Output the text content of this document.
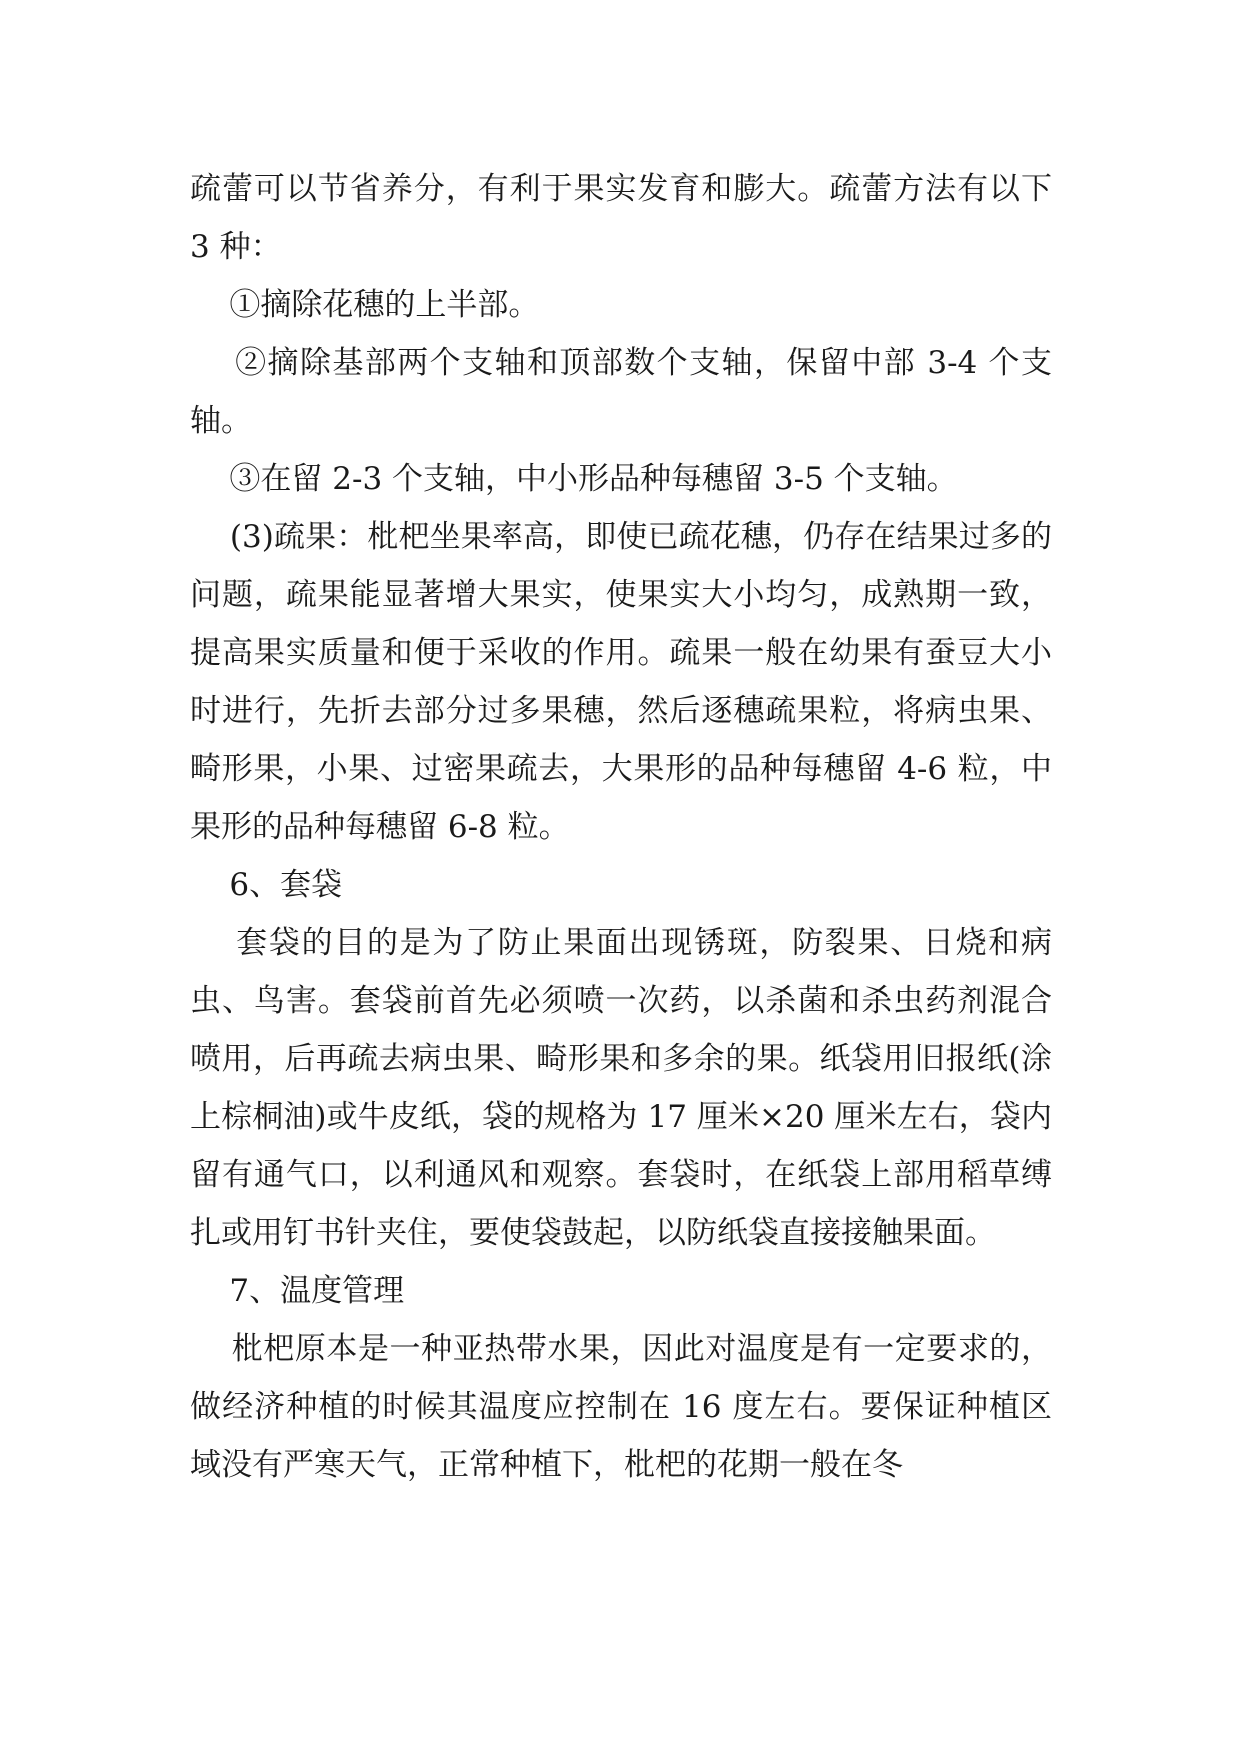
疏蕾可以节省养分，有利于果实发育和膨大。疏蕾方法有以下 3 种：

①摘除花穗的上半部。

②摘除基部两个支轴和顶部数个支轴，保留中部 3-4 个支轴。

③在留 2-3 个支轴，中小形品种每穗留 3-5 个支轴。

(3)疏果：枇杷坐果率高，即使已疏花穗，仍存在结果过多的问题，疏果能显著增大果实，使果实大小均匀，成熟期一致，提高果实质量和便于采收的作用。疏果一般在幼果有蚕豆大小时进行，先折去部分过多果穗，然后逐穗疏果粒，将病虫果、畸形果，小果、过密果疏去，大果形的品种每穗留 4-6 粒，中果形的品种每穗留 6-8 粒。

6、套袋

套袋的目的是为了防止果面出现锈斑，防裂果、日烧和病虫、鸟害。套袋前首先必须喷一次药，以杀菌和杀虫药剂混合喷用，后再疏去病虫果、畸形果和多余的果。纸袋用旧报纸(涂上棕桐油)或牛皮纸，袋的规格为 17 厘米×20 厘米左右，袋内留有通气口，以利通风和观察。套袋时，在纸袋上部用稻草缚扎或用钉书针夹住，要使袋鼓起，以防纸袋直接接触果面。

7、温度管理

枇杷原本是一种亚热带水果，因此对温度是有一定要求的，做经济种植的时候其温度应控制在 16 度左右。要保证种植区域没有严寒天气，正常种植下，枇杷的花期一般在冬
